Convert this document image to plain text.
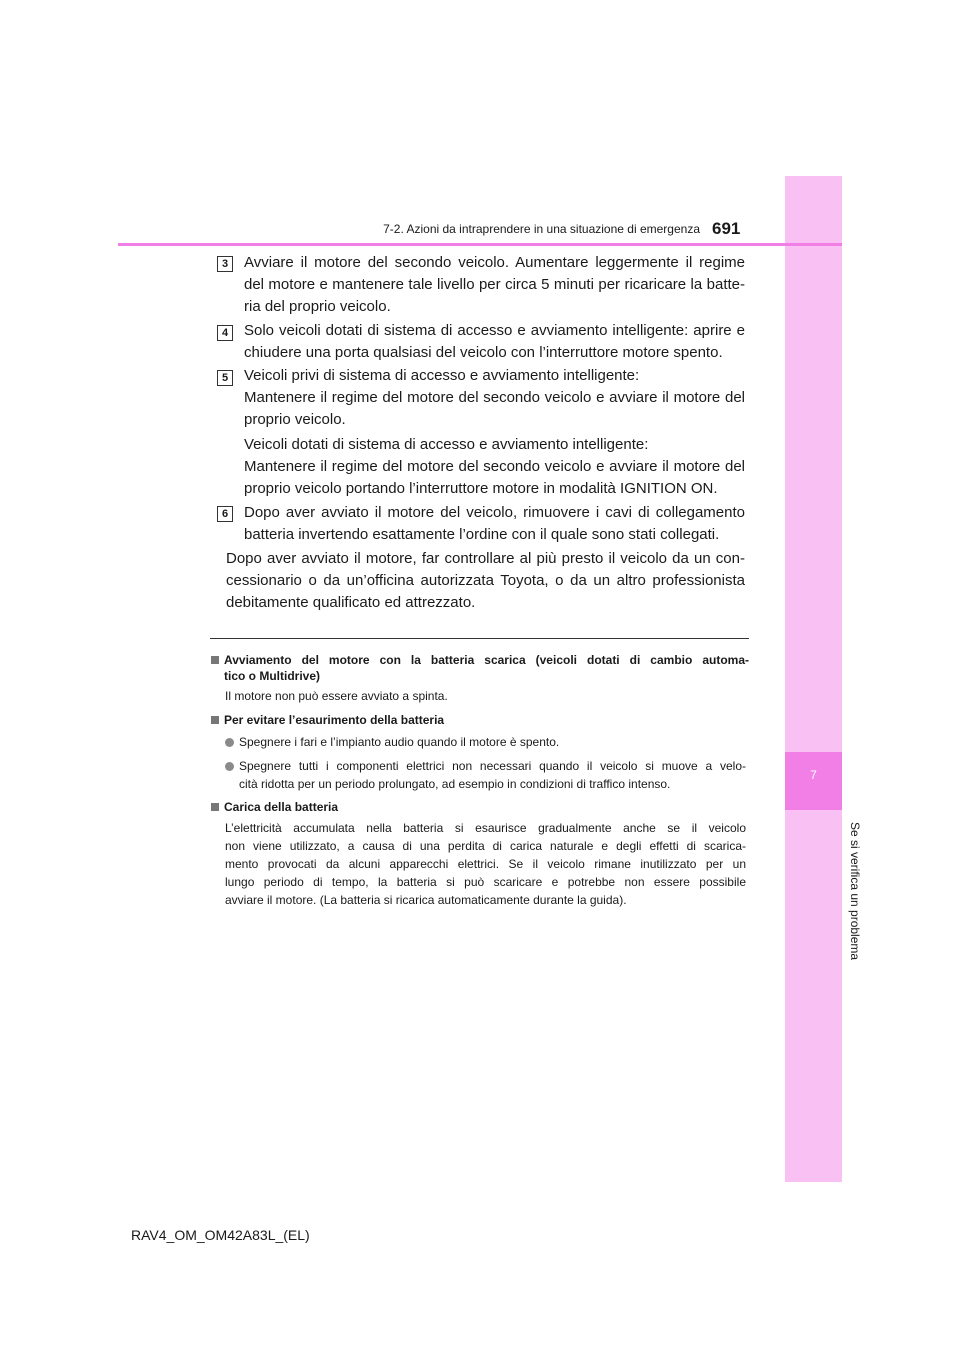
7
Se si verifica un problema
7-2. Azioni da intraprendere in una situazione di emergenza 691
3	Avviare il motore del secondo veicolo. Aumentare leggermente il regime
del motore e mantenere tale livello per circa 5 minuti per ricaricare la batte-
ria del proprio veicolo.
4	Solo veicoli dotati di sistema di accesso e avviamento intelligente: aprire e
chiudere una porta qualsiasi del veicolo con l’interruttore motore spento.
5	Veicoli privi di sistema di accesso e avviamento intelligente:
Mantenere il regime del motore del secondo veicolo e avviare il motore del
proprio veicolo.
Veicoli dotati di sistema di accesso e avviamento intelligente:
Mantenere il regime del motore del secondo veicolo e avviare il motore del
proprio veicolo portando l’interruttore motore in modalità IGNITION ON.
6	Dopo aver avviato il motore del veicolo, rimuovere i cavi di collegamento
batteria invertendo esattamente l’ordine con il quale sono stati collegati.
Dopo aver avviato il motore, far controllare al più presto il veicolo da un con-
cessionario o da un’officina autorizzata Toyota, o da un altro professionista
debitamente qualificato ed attrezzato.
Avviamento del motore con la batteria scarica (veicoli dotati di cambio automa-
tico o Multidrive)
Il motore non può essere avviato a spinta.
Per evitare l’esaurimento della batteria
Spegnere i fari e l’impianto audio quando il motore è spento.
Spegnere tutti i componenti elettrici non necessari quando il veicolo si muove a velo-
cità ridotta per un periodo prolungato, ad esempio in condizioni di traffico intenso.
Carica della batteria
L’elettricità accumulata nella batteria si esaurisce gradualmente anche se il veicolo
non viene utilizzato, a causa di una perdita di carica naturale e degli effetti di scarica-
mento provocati da alcuni apparecchi elettrici. Se il veicolo rimane inutilizzato per un
lungo periodo di tempo, la batteria si può scaricare e potrebbe non essere possibile
avviare il motore. (La batteria si ricarica automaticamente durante la guida).
RAV4_OM_OM42A83L_(EL)
